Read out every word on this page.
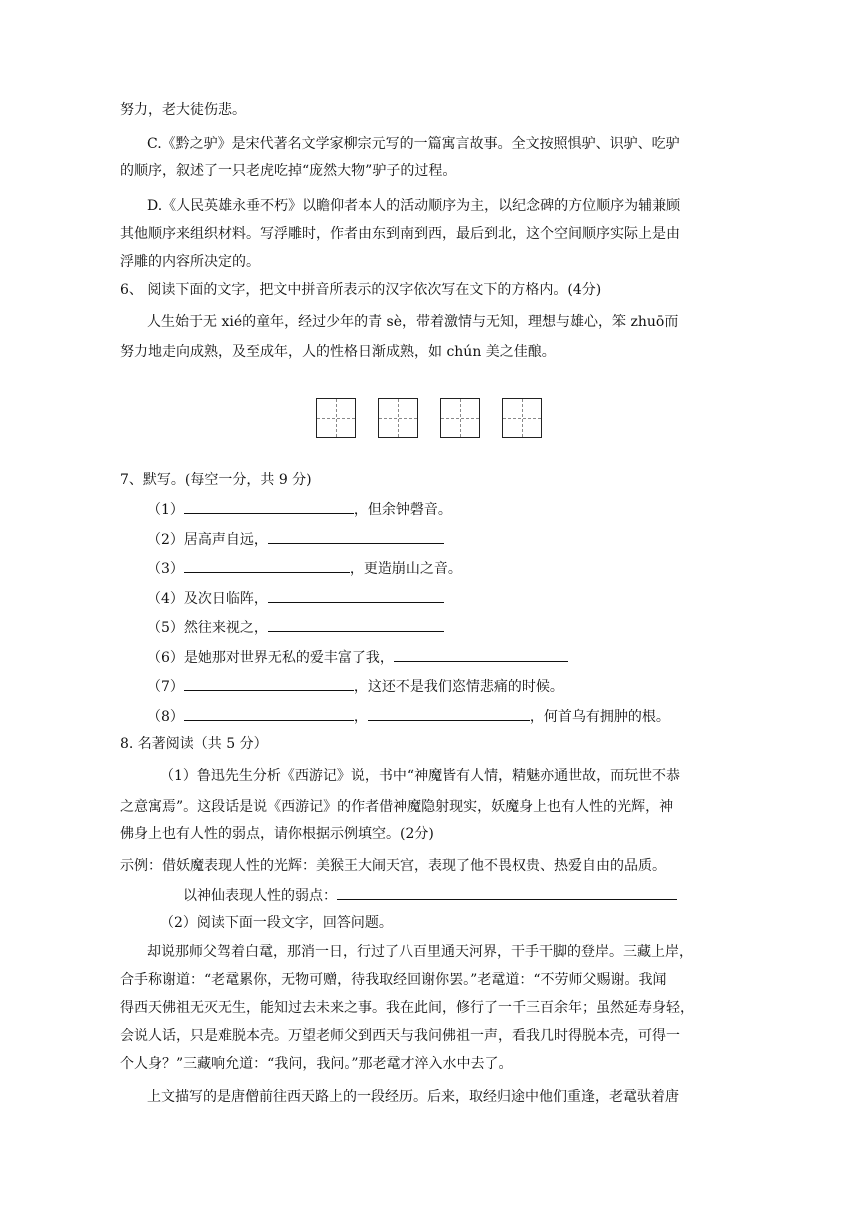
努力，老大徒伤悲。
C.《黔之驴》是宋代著名文学家柳宗元写的一篇寓言故事。全文按照惧驴、识驴、吃驴
的顺序，叙述了一只老虎吃掉“庞然大物”驴子的过程。
D.《人民英雄永垂不朽》以瞻仰者本人的活动顺序为主，以纪念碑的方位顺序为辅兼顾
其他顺序来组织材料。写浮雕时，作者由东到南到西，最后到北，这个空间顺序实际上是由
浮雕的内容所决定的。
6、 阅读下面的文字，把文中拼音所表示的汉字依次写在文下的方格内。(4分)
人生始于无 xié的童年，经过少年的青 sè，带着激情与无知，理想与雄心，笨 zhuō而
努力地走向成熟，及至成年，人的性格日渐成熟，如 chún 美之佳酿。
7、默写。(每空一分，共 9 分)
（1）	，但余钟磬音。
（2）居高声自远，
（3）	，更造崩山之音。
（4）及次日临阵，
（5）然往来视之，
（6）是她那对世界无私的爱丰富了我，
（7）	，这还不是我们恣情悲痛的时候。
（8）	，	，何首乌有拥肿的根。
8. 名著阅读（共 5 分）
（1）鲁迅先生分析《西游记》说，书中“神魔皆有人情，精魅亦通世故，而玩世不恭
之意寓焉”。这段话是说《西游记》的作者借神魔隐射现实，妖魔身上也有人性的光辉，神
佛身上也有人性的弱点，请你根据示例填空。(2分)
示例：借妖魔表现人性的光辉：美猴王大闹天宫，表现了他不畏权贵、热爱自由的品质。
以神仙表现人性的弱点：
（2）阅读下面一段文字，回答问题。
却说那师父驾着白鼋，那消一日，行过了八百里通天河界，干手干脚的登岸。三藏上岸，
合手称谢道：“老鼋累你，无物可赠，待我取经回谢你罢。”老鼋道：“不劳师父赐谢。我闻
得西天佛祖无灭无生，能知过去未来之事。我在此间，修行了一千三百余年；虽然延寿身轻，
会说人话，只是难脱本壳。万望老师父到西天与我问佛祖一声，看我几时得脱本壳，可得一
个人身？”三藏响允道：“我问，我问。”那老鼋才淬入水中去了。
上文描写的是唐僧前往西天路上的一段经历。后来，取经归途中他们重逢，老鼋驮着唐
